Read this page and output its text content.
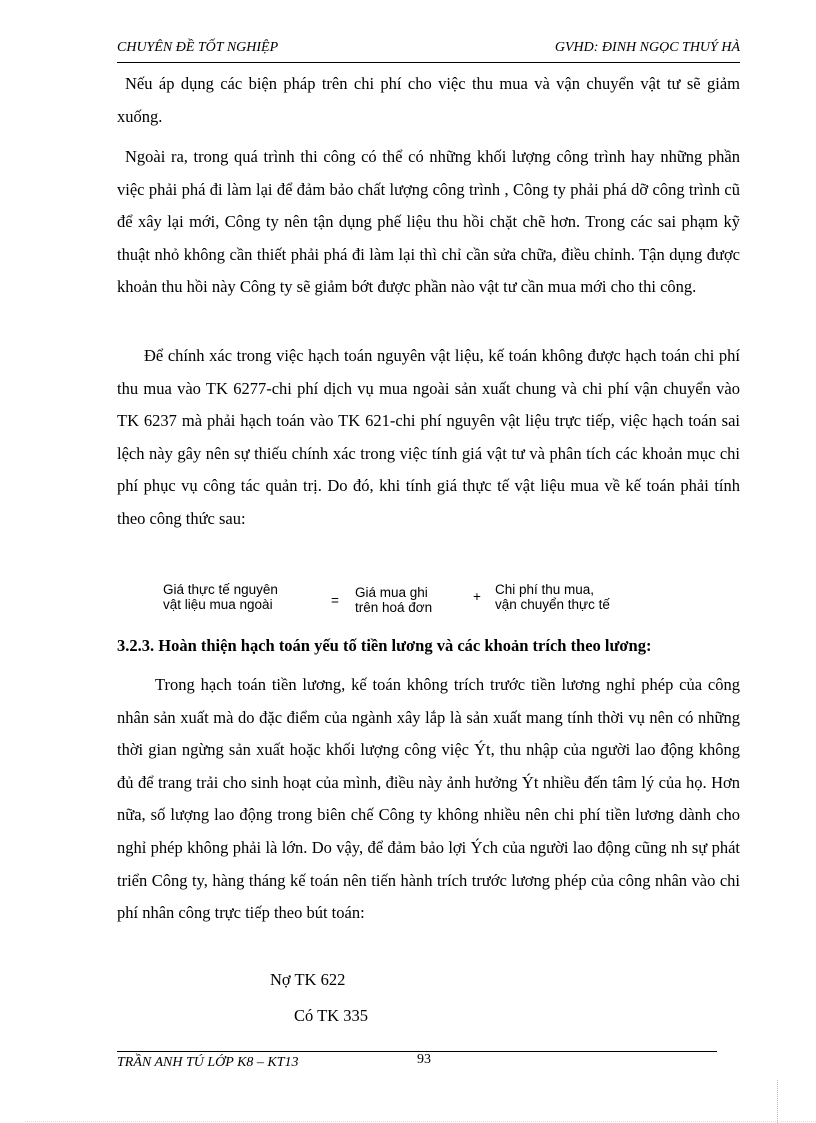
CHUYÊN ĐỀ TỐT NGHIỆP	GVHD: ĐINH NGỌC THUÝ HÀ

Nếu áp dụng các biện pháp trên chi phí cho việc thu mua và vận chuyển vật tư sẽ giảm xuống.

Ngoài ra, trong quá trình thi công có thể có những khối lượng công trình hay những phần việc phải phá đi làm lại để đảm bảo chất lượng công trình , Công ty phải phá dỡ công trình cũ để xây lại mới, Công ty nên tận dụng phế liệu thu hồi chặt chẽ hơn. Trong các sai phạm kỹ thuật nhỏ không cần thiết phải phá đi làm lại thì chỉ cần sửa chữa, điều chỉnh. Tận dụng được khoản thu hồi này Công ty sẽ giảm bớt được phần nào vật tư cần mua mới cho thi công.

Để chính xác trong việc hạch toán nguyên vật liệu, kế toán không được hạch toán chi phí thu mua vào TK 6277-chi phí dịch vụ mua ngoài sản xuất chung và chi phí vận chuyển vào TK 6237 mà phải hạch toán vào TK 621-chi phí nguyên vật liệu trực tiếp, việc hạch toán sai lệch này gây nên sự thiếu chính xác trong việc tính giá vật tư và phân tích các khoản mục chi phí phục vụ công tác quản trị. Do đó, khi tính giá thực tế vật liệu mua về kế toán phải tính theo công thức sau:

Giá thực tế nguyên
vật liệu mua ngoài	=
Giá mua ghi
trên hoá đơn
+ Chi phí thu mua,
vận chuyển thực tế
3.2.3. Hoàn thiện hạch toán yếu tố tiền lương và các khoản trích theo lương:

Trong hạch toán tiền lương, kế toán không trích trước tiền lương nghỉ phép của công nhân sản xuất mà do đặc điểm của ngành xây lắp là sản xuất mang tính thời vụ nên có những thời gian ngừng sản xuất hoặc khối lượng công việc Ýt, thu nhập của người lao động không đủ để trang trải cho sinh hoạt của mình, điều này ảnh hưởng Ýt nhiều đến tâm lý của họ. Hơn nữa, số lượng lao động trong biên chế Công ty không nhiều nên chi phí tiền lương dành cho nghỉ phép không phải là lớn. Do vậy, để đảm bảo lợi Ých của người lao động cũng nh sự phát triển Công ty, hàng tháng kế toán nên tiến hành trích trước lương phép của công nhân vào chi phí nhân công trực tiếp theo bút toán:

Nợ TK 622

Có TK 335

TRẦN ANH TÚ LỚP K8 – KT13	93
